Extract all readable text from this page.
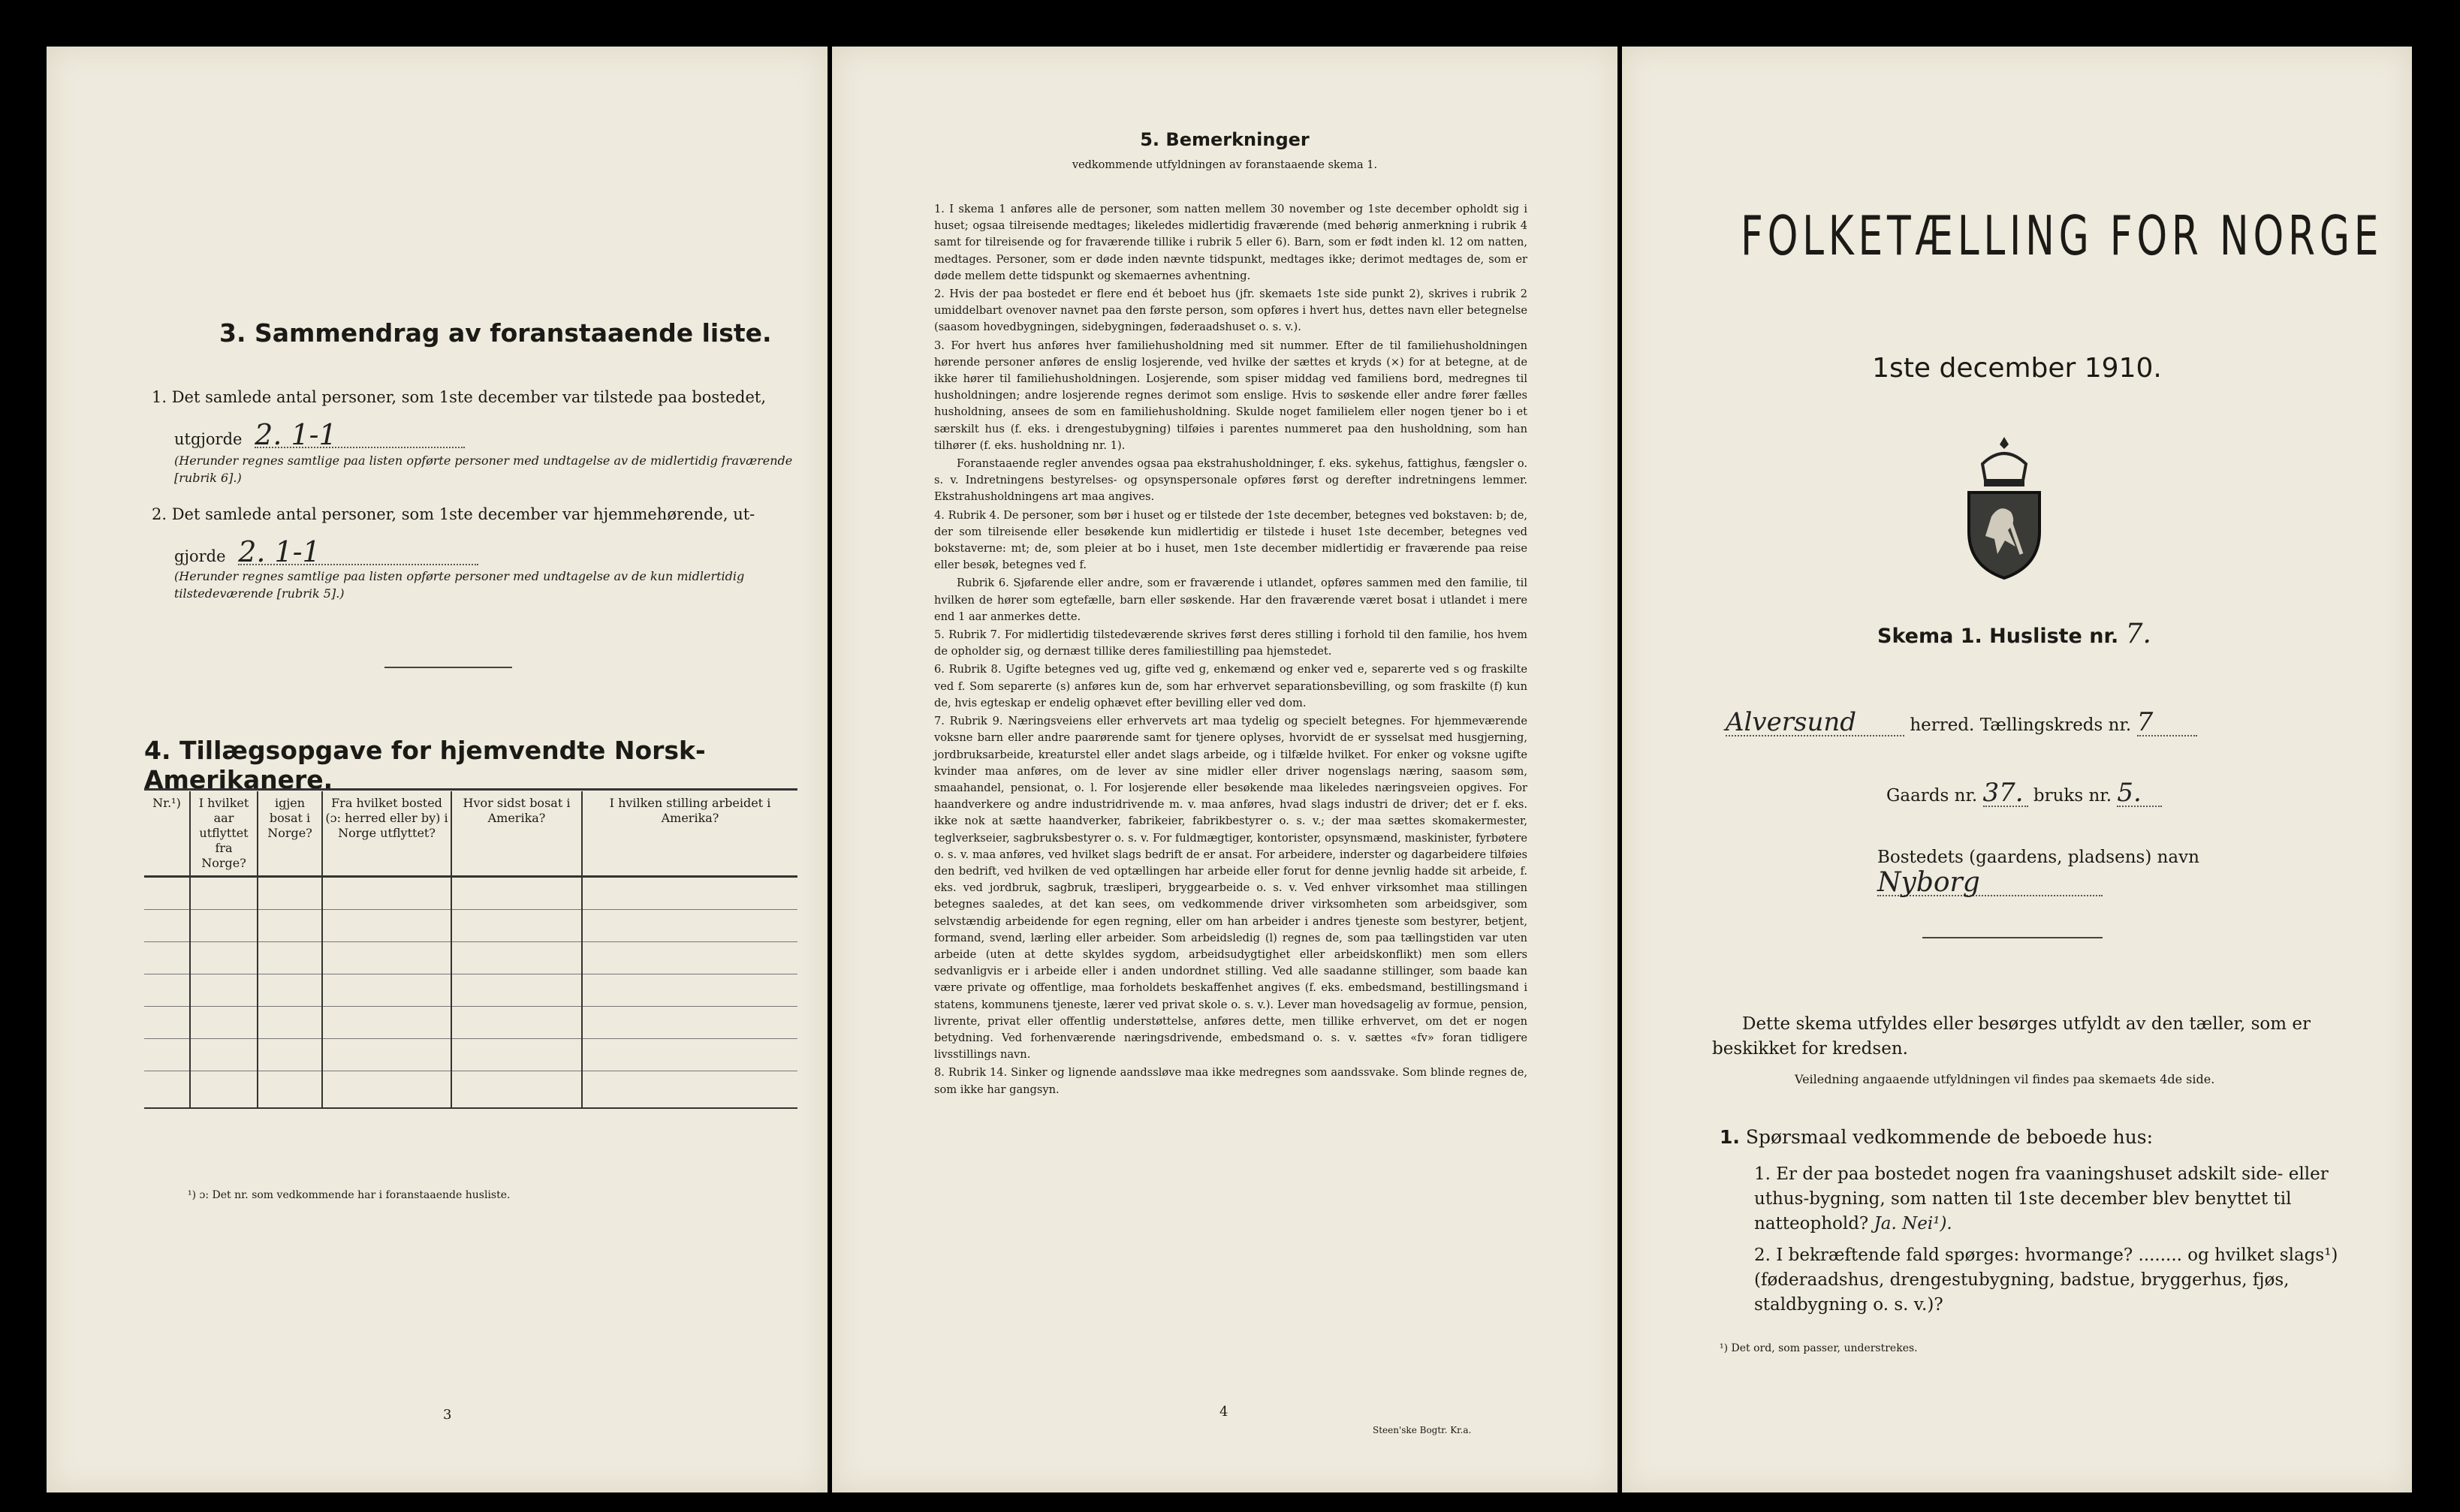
3. Sammendrag av foranstaaende liste.
1. Det samlede antal personer, som 1ste december var tilstede paa bostedet,
utgjorde 2. 1-1
(Herunder regnes samtlige paa listen opførte personer med undtagelse av de midlertidig fraværende [rubrik 6].)
2. Det samlede antal personer, som 1ste december var hjemmehørende, ut-
gjorde 2. 1-1
(Herunder regnes samtlige paa listen opførte personer med undtagelse av de kun midlertidig tilstedeværende [rubrik 5].)
4. Tillægsopgave for hjemvendte Norsk-Amerikanere.
Nr.¹)	I hvilket aar utflyttet fra Norge?	igjen bosat i Norge?	Fra hvilket bosted (ɔ: herred eller by) i Norge utflyttet?	Hvor sidst bosat i Amerika?	I hvilken stilling arbeidet i Amerika?

¹) ɔ: Det nr. som vedkommende har i foranstaaende husliste.
3
5. Bemerkninger
vedkommende utfyldningen av foranstaaende skema 1.

1. I skema 1 anføres alle de personer, som natten mellem 30 november og 1ste december opholdt sig i huset; ogsaa tilreisende medtages; likeledes midlertidig fraværende (med behørig anmerkning i rubrik 4 samt for tilreisende og for fraværende tillike i rubrik 5 eller 6). Barn, som er født inden kl. 12 om natten, medtages. Personer, som er døde inden nævnte tidspunkt, medtages ikke; derimot medtages de, som er døde mellem dette tidspunkt og skemaernes avhentning.

2. Hvis der paa bostedet er flere end ét beboet hus (jfr. skemaets 1ste side punkt 2), skrives i rubrik 2 umiddelbart ovenover navnet paa den første person, som opføres i hvert hus, dettes navn eller betegnelse (saasom hovedbygningen, sidebygningen, føderaadshuset o. s. v.).

3. For hvert hus anføres hver familiehusholdning med sit nummer. Efter de til familiehusholdningen hørende personer anføres de enslig losjerende, ved hvilke der sættes et kryds (×) for at betegne, at de ikke hører til familiehusholdningen. Losjerende, som spiser middag ved familiens bord, medregnes til husholdningen; andre losjerende regnes derimot som enslige. Hvis to søskende eller andre fører fælles husholdning, ansees de som en familiehusholdning. Skulde noget familielem eller nogen tjener bo i et særskilt hus (f. eks. i drengestubygning) tilføies i parentes nummeret paa den husholdning, som han tilhører (f. eks. husholdning nr. 1).

Foranstaaende regler anvendes ogsaa paa ekstrahusholdninger, f. eks. sykehus, fattighus, fængsler o. s. v. Indretningens bestyrelses- og opsynspersonale opføres først og derefter indretningens lemmer. Ekstrahusholdningens art maa angives.

4. Rubrik 4. De personer, som bør i huset og er tilstede der 1ste december, betegnes ved bokstaven: b; de, der som tilreisende eller besøkende kun midlertidig er tilstede i huset 1ste december, betegnes ved bokstaverne: mt; de, som pleier at bo i huset, men 1ste december midlertidig er fraværende paa reise eller besøk, betegnes ved f.

Rubrik 6. Sjøfarende eller andre, som er fraværende i utlandet, opføres sammen med den familie, til hvilken de hører som egtefælle, barn eller søskende. Har den fraværende været bosat i utlandet i mere end 1 aar anmerkes dette.

5. Rubrik 7. For midlertidig tilstedeværende skrives først deres stilling i forhold til den familie, hos hvem de opholder sig, og dernæst tillike deres familiestilling paa hjemstedet.

6. Rubrik 8. Ugifte betegnes ved ug, gifte ved g, enkemænd og enker ved e, separerte ved s og fraskilte ved f. Som separerte (s) anføres kun de, som har erhvervet separationsbevilling, og som fraskilte (f) kun de, hvis egteskap er endelig ophævet efter bevilling eller ved dom.

7. Rubrik 9. Næringsveiens eller erhvervets art maa tydelig og specielt betegnes. For hjemmeværende voksne barn eller andre paarørende samt for tjenere oplyses, hvorvidt de er sysselsat med husgjerning, jordbruksarbeide, kreaturstel eller andet slags arbeide, og i tilfælde hvilket. For enker og voksne ugifte kvinder maa anføres, om de lever av sine midler eller driver nogenslags næring, saasom søm, smaahandel, pensionat, o. l. For losjerende eller besøkende maa likeledes næringsveien opgives. For haandverkere og andre industridrivende m. v. maa anføres, hvad slags industri de driver; det er f. eks. ikke nok at sætte haandverker, fabrikeier, fabrikbestyrer o. s. v.; der maa sættes skomakermester, teglverkseier, sagbruksbestyrer o. s. v. For fuldmægtiger, kontorister, opsynsmænd, maskinister, fyrbøtere o. s. v. maa anføres, ved hvilket slags bedrift de er ansat. For arbeidere, inderster og dagarbeidere tilføies den bedrift, ved hvilken de ved optællingen har arbeide eller forut for denne jevnlig hadde sit arbeide, f. eks. ved jordbruk, sagbruk, træsliperi, bryggearbeide o. s. v. Ved enhver virksomhet maa stillingen betegnes saaledes, at det kan sees, om vedkommende driver virksomheten som arbeidsgiver, som selvstændig arbeidende for egen regning, eller om han arbeider i andres tjeneste som bestyrer, betjent, formand, svend, lærling eller arbeider. Som arbeidsledig (l) regnes de, som paa tællingstiden var uten arbeide (uten at dette skyldes sygdom, arbeidsudygtighet eller arbeidskonflikt) men som ellers sedvanligvis er i arbeide eller i anden undordnet stilling. Ved alle saadanne stillinger, som baade kan være private og offentlige, maa forholdets beskaffenhet angives (f. eks. embedsmand, bestillingsmand i statens, kommunens tjeneste, lærer ved privat skole o. s. v.). Lever man hovedsagelig av formue, pension, livrente, privat eller offentlig understøttelse, anføres dette, men tillike erhvervet, om det er nogen betydning. Ved forhenværende næringsdrivende, embedsmand o. s. v. sættes «fv» foran tidligere livsstillings navn.

8. Rubrik 14. Sinker og lignende aandssløve maa ikke medregnes som aandssvake. Som blinde regnes de, som ikke har gangsyn.

4
Steen'ske Bogtr. Kr.a.
FOLKETÆLLING FOR NORGE
1ste december 1910.
Skema 1. Husliste nr. 7.
Alversund	herred. Tællingskreds nr. 7
Gaards nr. 37. bruks nr. 5.
Bostedets (gaardens, pladsens) navn Nyborg
Dette skema utfyldes eller besørges utfyldt av den tæller, som er beskikket for kredsen.
Veiledning angaaende utfyldningen vil findes paa skemaets 4de side.
1. Spørsmaal vedkommende de beboede hus:
1. Er der paa bostedet nogen fra vaaningshuset adskilt side- eller uthus-bygning, som natten til 1ste december blev benyttet til natteophold? Ja. Nei¹).
2. I bekræftende fald spørges: hvormange? ........ og hvilket slags¹) (føderaadshus, drengestubygning, badstue, bryggerhus, fjøs, staldbygning o. s. v.)?
¹) Det ord, som passer, understrekes.
